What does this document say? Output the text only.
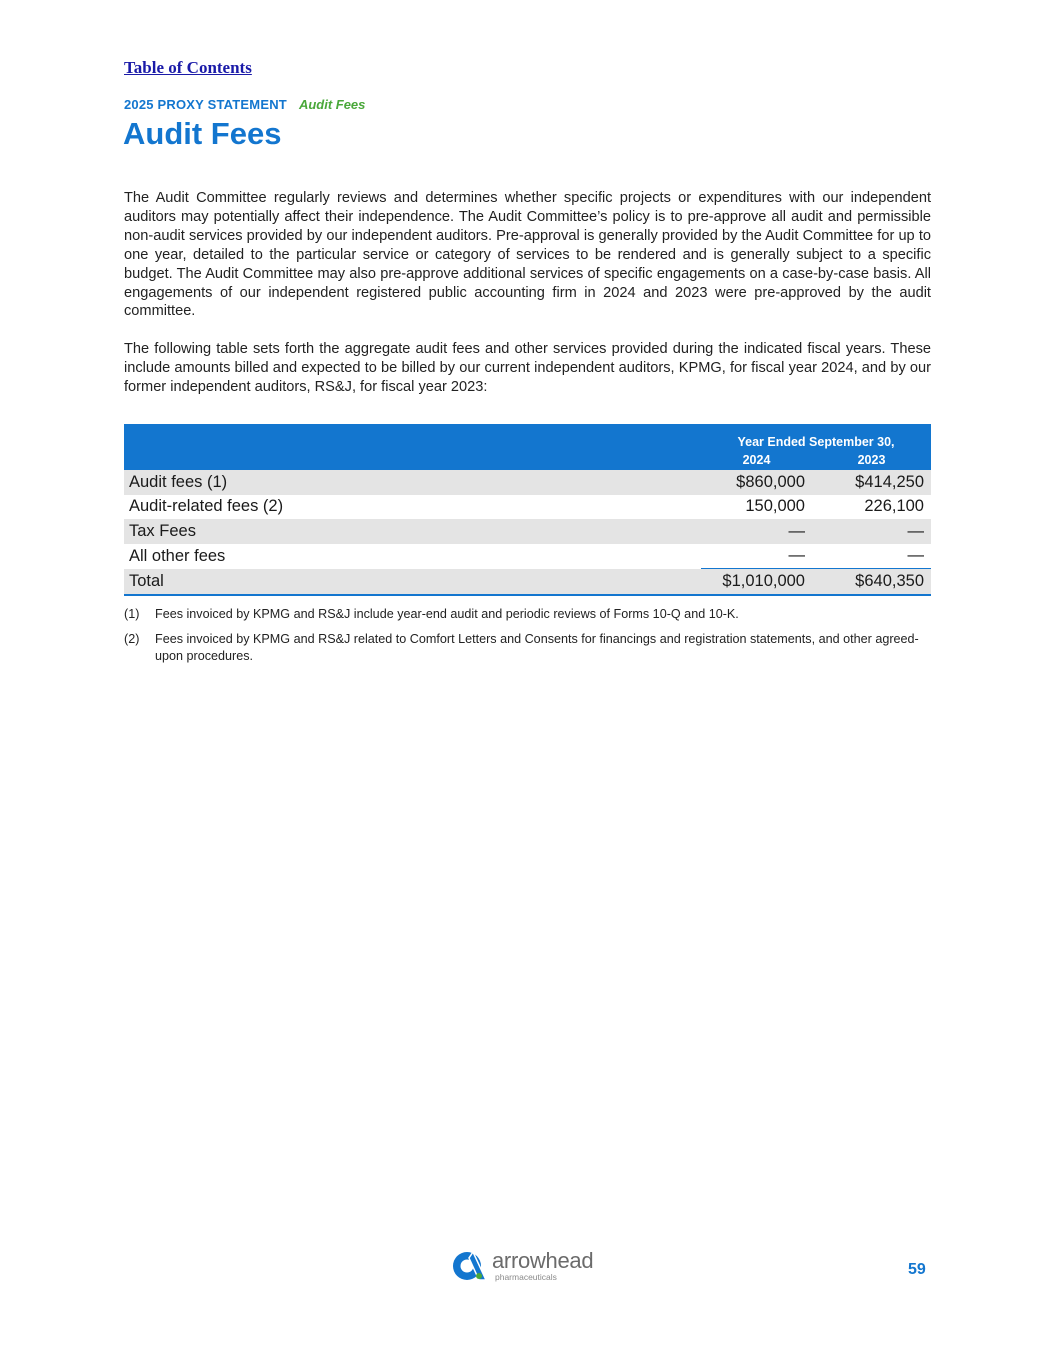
Table of Contents
2025 PROXY STATEMENT Audit Fees
Audit Fees

The Audit Committee regularly reviews and determines whether specific projects or expenditures with our independent auditors may potentially affect their independence. The Audit Committee’s policy is to pre-approve all audit and permissible non-audit services provided by our independent auditors. Pre-approval is generally provided by the Audit Committee for up to one year, detailed to the particular service or category of services to be rendered and is generally subject to a specific budget. The Audit Committee may also pre-approve additional services of specific engagements on a case-by-case basis. All engagements of our independent registered public accounting firm in 2024 and 2023 were pre-approved by the audit committee.

The following table sets forth the aggregate audit fees and other services provided during the indicated fiscal years. These include amounts billed and expected to be billed by our current independent auditors, KPMG, for fiscal year 2024, and by our former independent auditors, RS&J, for fiscal year 2023:

	Year Ended September 30,	
	2024	2023
Audit fees (1)	$860,000	$414,250
Audit-related fees (2)	150,000	226,100
Tax Fees	—	—
All other fees	—	—
Total	$1,010,000	$640,350
(1)	Fees invoiced by KPMG and RS&J include year-end audit and periodic reviews of Forms 10-Q and 10-K.
(2)	Fees invoiced by KPMG and RS&J related to Comfort Letters and Consents for financings and registration statements, and other agreed-upon procedures.
arrowhead
pharmaceuticals	59
